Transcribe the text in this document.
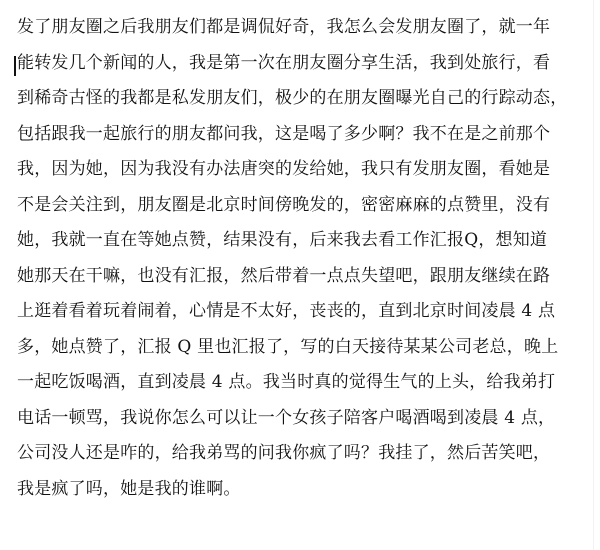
发了朋友圈之后我朋友们都是调侃好奇，我怎么会发朋友圈了，就一年
能转发几个新闻的人，我是第一次在朋友圈分享生活，我到处旅行，看
到稀奇古怪的我都是私发朋友们，极少的在朋友圈曝光自己的行踪动态，
包括跟我一起旅行的朋友都问我，这是喝了多少啊？我不在是之前那个
我，因为她，因为我没有办法唐突的发给她，我只有发朋友圈，看她是
不是会关注到，朋友圈是北京时间傍晚发的，密密麻麻的点赞里，没有
她，我就一直在等她点赞，结果没有，后来我去看工作汇报Q，想知道
她那天在干嘛，也没有汇报，然后带着一点点失望吧，跟朋友继续在路
上逛着看着玩着闹着，心情是不太好，丧丧的，直到北京时间凌晨 4 点
多，她点赞了，汇报 Q 里也汇报了，写的白天接待某某公司老总，晚上
一起吃饭喝酒，直到凌晨 4 点。我当时真的觉得生气的上头，给我弟打
电话一顿骂，我说你怎么可以让一个女孩子陪客户喝酒喝到凌晨 4 点，
公司没人还是咋的，给我弟骂的问我你疯了吗？我挂了，然后苦笑吧，
我是疯了吗，她是我的谁啊。
